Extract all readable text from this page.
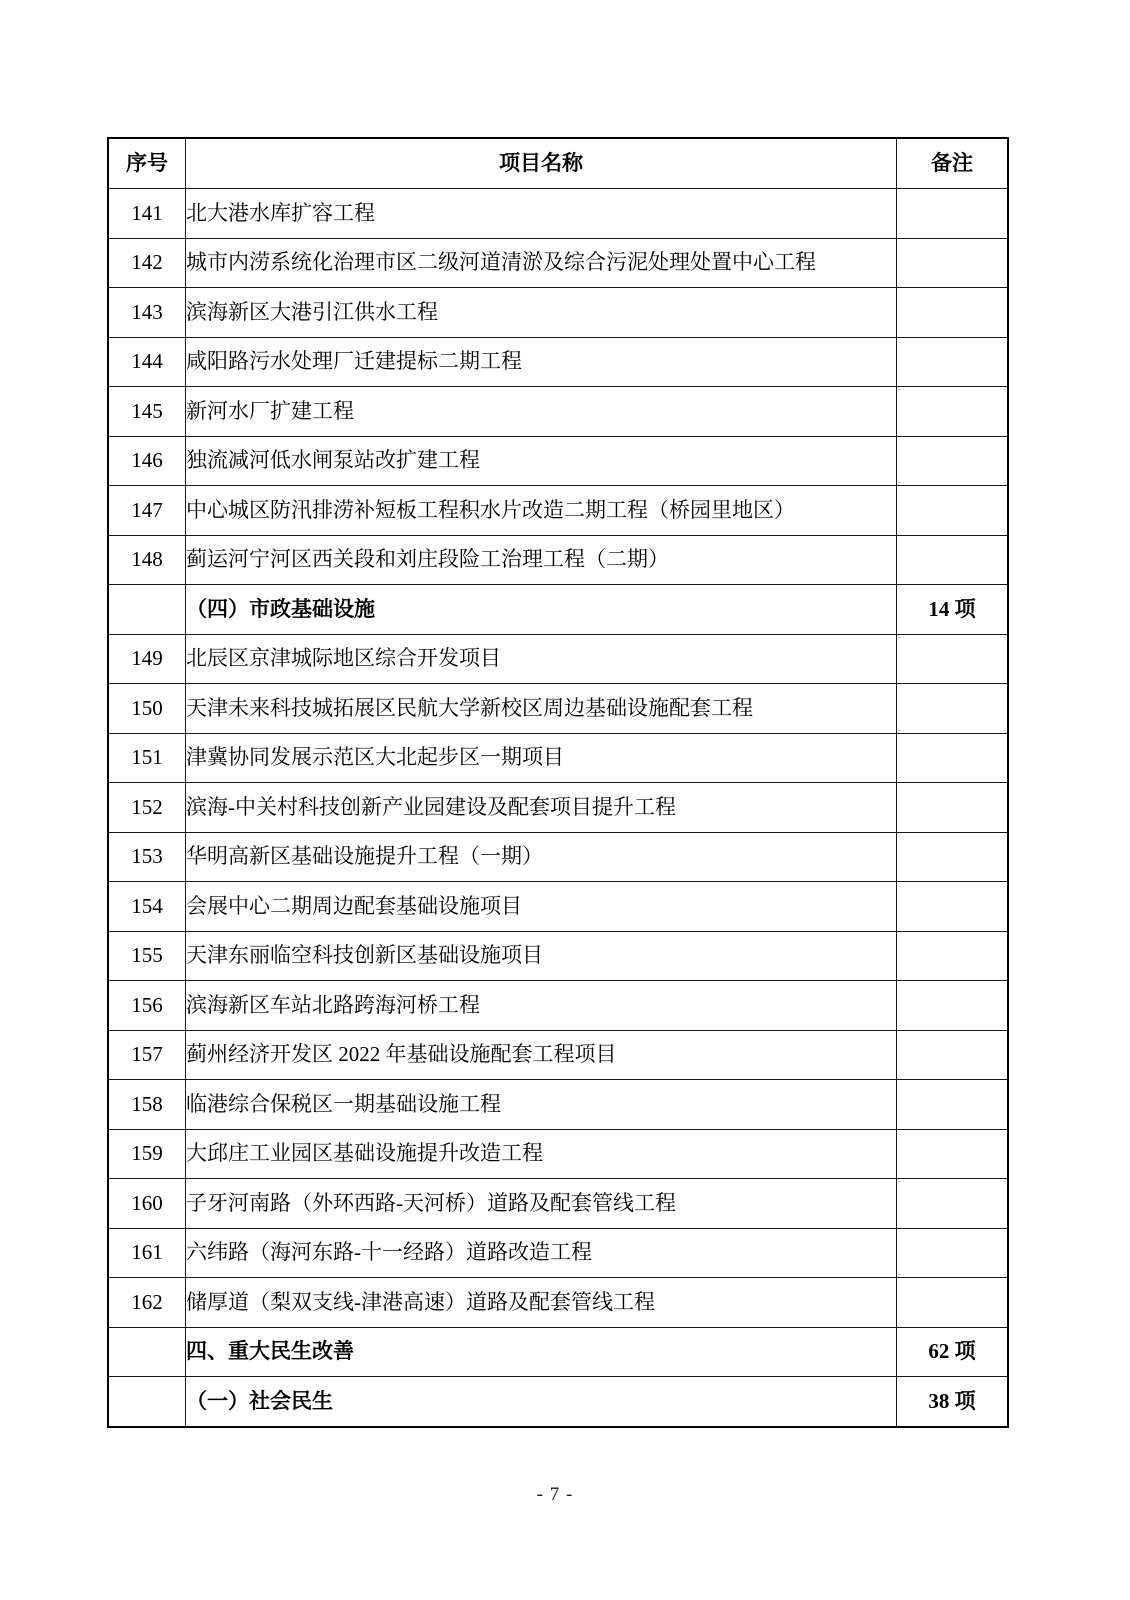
序号	项目名称	备注
141	北大港水库扩容工程	
142	城市内涝系统化治理市区二级河道清淤及综合污泥处理处置中心工程	
143	滨海新区大港引江供水工程	
144	咸阳路污水处理厂迁建提标二期工程	
145	新河水厂扩建工程	
146	独流减河低水闸泵站改扩建工程	
147	中心城区防汛排涝补短板工程积水片改造二期工程（桥园里地区）	
148	蓟运河宁河区西关段和刘庄段险工治理工程（二期）	
	（四）市政基础设施	14 项
149	北辰区京津城际地区综合开发项目	
150	天津未来科技城拓展区民航大学新校区周边基础设施配套工程	
151	津冀协同发展示范区大北起步区一期项目	
152	滨海-中关村科技创新产业园建设及配套项目提升工程	
153	华明高新区基础设施提升工程（一期）	
154	会展中心二期周边配套基础设施项目	
155	天津东丽临空科技创新区基础设施项目	
156	滨海新区车站北路跨海河桥工程	
157	蓟州经济开发区 2022 年基础设施配套工程项目	
158	临港综合保税区一期基础设施工程	
159	大邱庄工业园区基础设施提升改造工程	
160	子牙河南路（外环西路-天河桥）道路及配套管线工程	
161	六纬路（海河东路-十一经路）道路改造工程	
162	储厚道（梨双支线-津港高速）道路及配套管线工程	
	四、重大民生改善	62 项
	（一）社会民生	38 项
- 7 -
